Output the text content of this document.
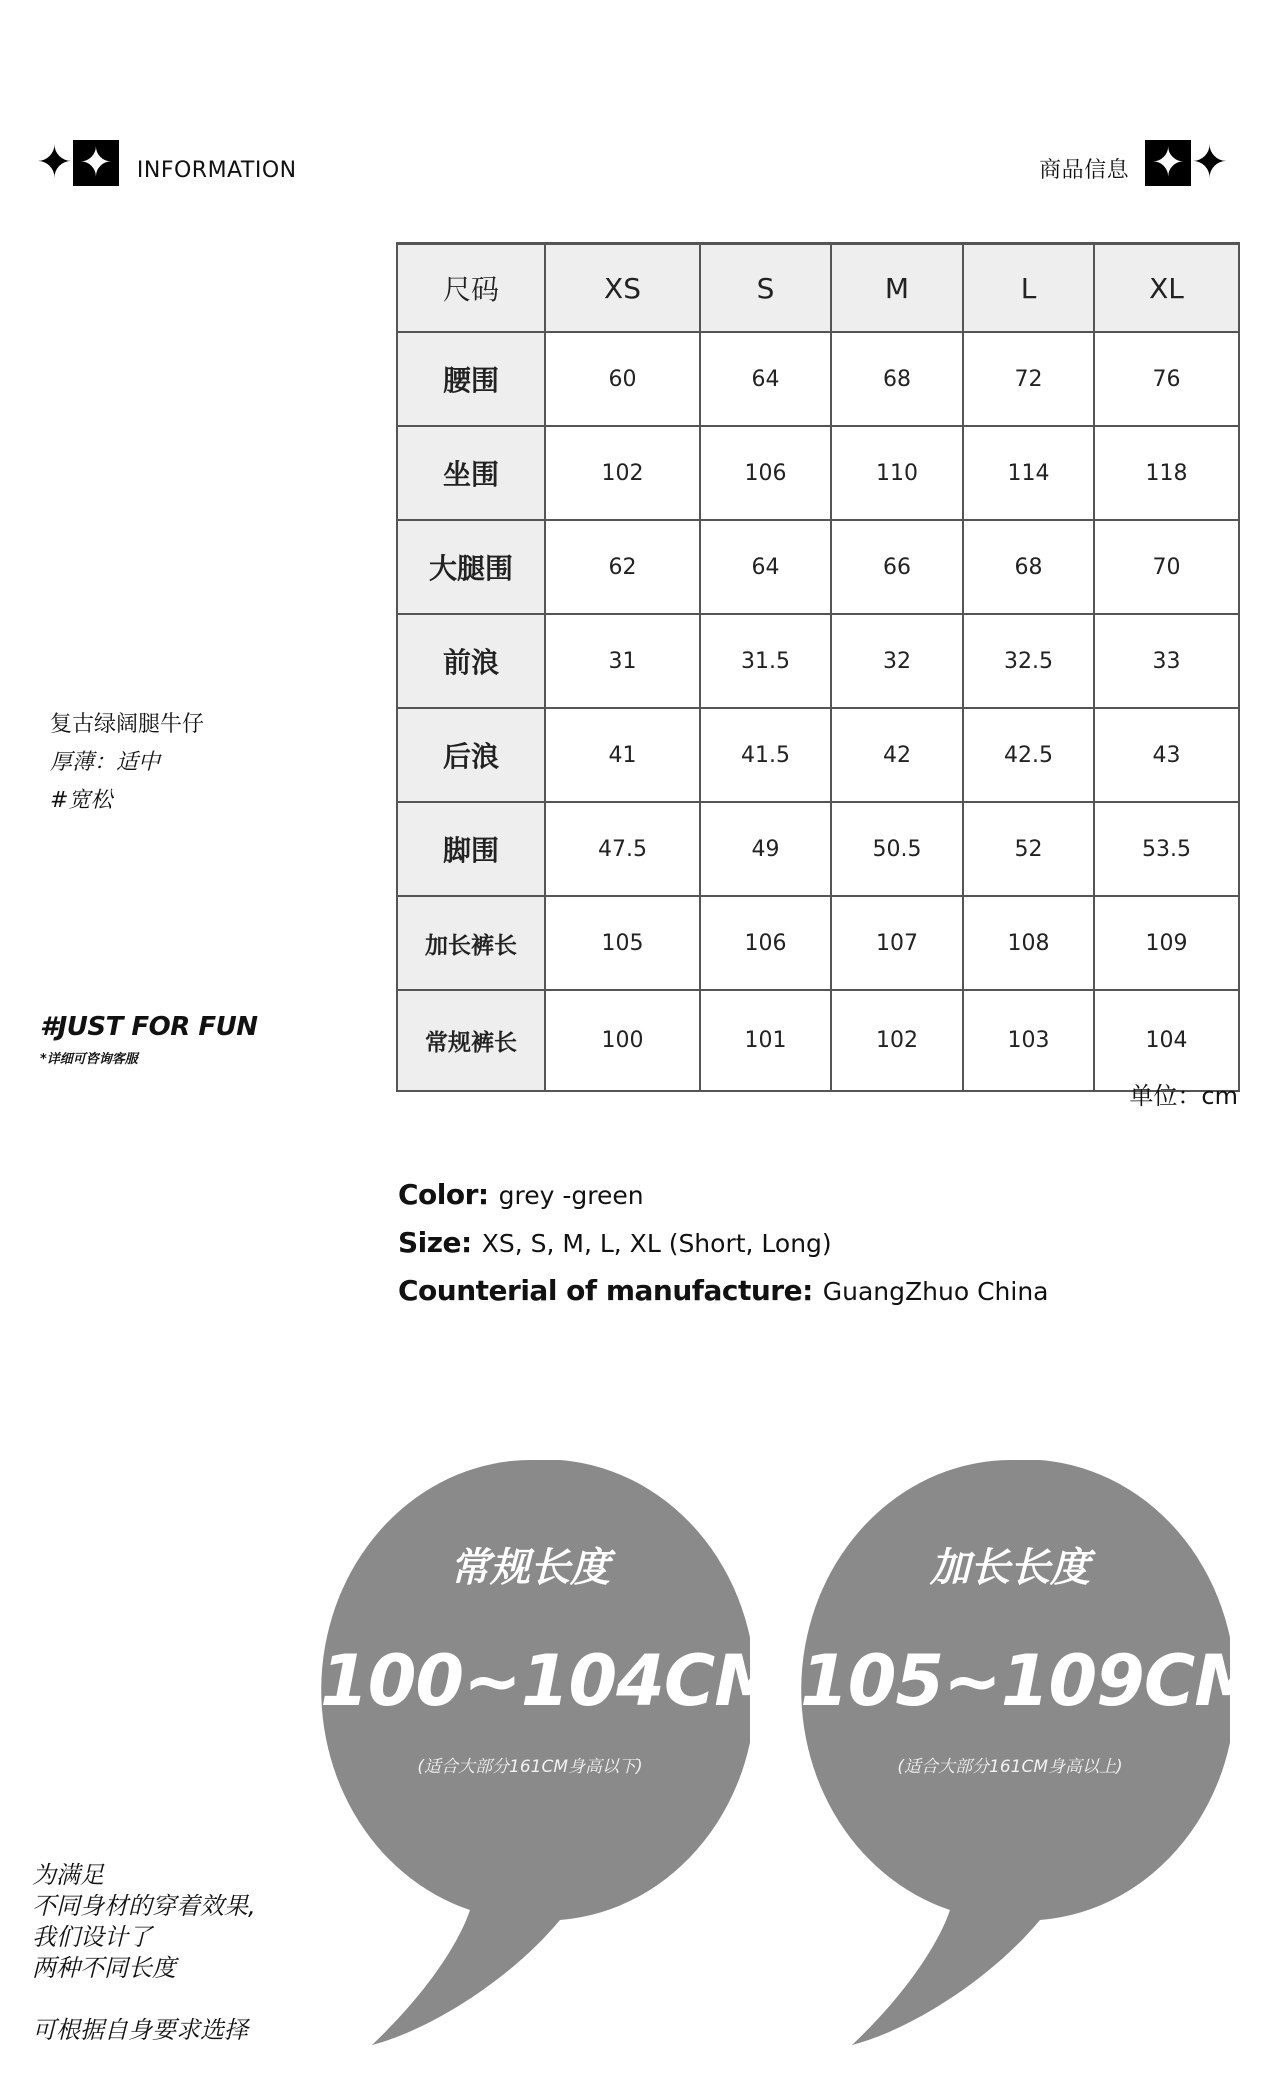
✦ ✦ INFORMATION	商品信息 ✦ ✦
尺码	XS	S	M	L	XL
腰围	60	64	68	72	76
坐围	102	106	110	114	118
大腿围	62	64	66	68	70
前浪	31	31.5	32	32.5	33
后浪	41	41.5	42	42.5	43
脚围	47.5	49	50.5	52	53.5
加长裤长	105	106	107	108	109
常规裤长	100	101	102	103	104
单位：cm
复古绿阔腿牛仔
厚薄：适中
#宽松
#JUST FOR FUN
*详细可咨询客服
Color: grey -green
Size: XS, S, M, L, XL (Short, Long)
Counterial of manufacture: GuangZhuo China
常规长度
100~104CM
(适合大部分161CM身高以下)
加长长度
105~109CM
(适合大部分161CM身高以上)
为满足
不同身材的穿着效果,
我们设计了
两种不同长度
可根据自身要求选择
